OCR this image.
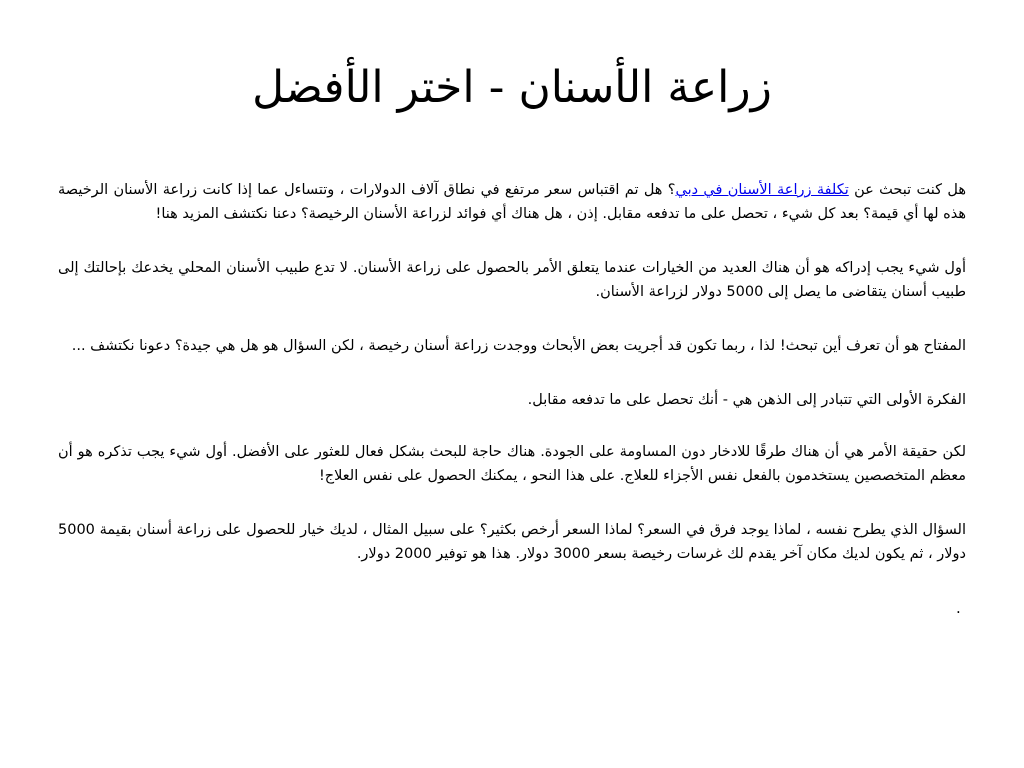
زراعة الأسنان - اختر الأفضل

هل كنت تبحث عن تكلفة زراعة الأسنان في دبي؟ هل تم اقتباس سعر مرتفع في نطاق آلاف الدولارات ، وتتساءل عما إذا كانت زراعة الأسنان الرخيصة هذه لها أي قيمة؟ بعد كل شيء ، تحصل على ما تدفعه مقابل. إذن ، هل هناك أي فوائد لزراعة الأسنان الرخيصة؟ دعنا نكتشف المزيد هنا!

أول شيء يجب إدراكه هو أن هناك العديد من الخيارات عندما يتعلق الأمر بالحصول على زراعة الأسنان. لا تدع طبيب الأسنان المحلي يخدعك بإحالتك إلى طبيب أسنان يتقاضى ما يصل إلى 5000 دولار لزراعة الأسنان.

المفتاح هو أن تعرف أين تبحث! لذا ، ربما تكون قد أجريت بعض الأبحاث ووجدت زراعة أسنان رخيصة ، لكن السؤال هو هل هي جيدة؟ دعونا نكتشف ...

الفكرة الأولى التي تتبادر إلى الذهن هي - أنك تحصل على ما تدفعه مقابل.

لكن حقيقة الأمر هي أن هناك طرقًا للادخار دون المساومة على الجودة. هناك حاجة للبحث بشكل فعال للعثور على الأفضل. أول شيء يجب تذكره هو أن معظم المتخصصين يستخدمون بالفعل نفس الأجزاء للعلاج. على هذا النحو ، يمكنك الحصول على نفس العلاج!

السؤال الذي يطرح نفسه ، لماذا يوجد فرق في السعر؟ لماذا السعر أرخص بكثير؟ على سبيل المثال ، لديك خيار للحصول على زراعة أسنان بقيمة 5000 دولار ، ثم يكون لديك مكان آخر يقدم لك غرسات رخيصة بسعر 3000 دولار. هذا هو توفير 2000 دولار.

.
